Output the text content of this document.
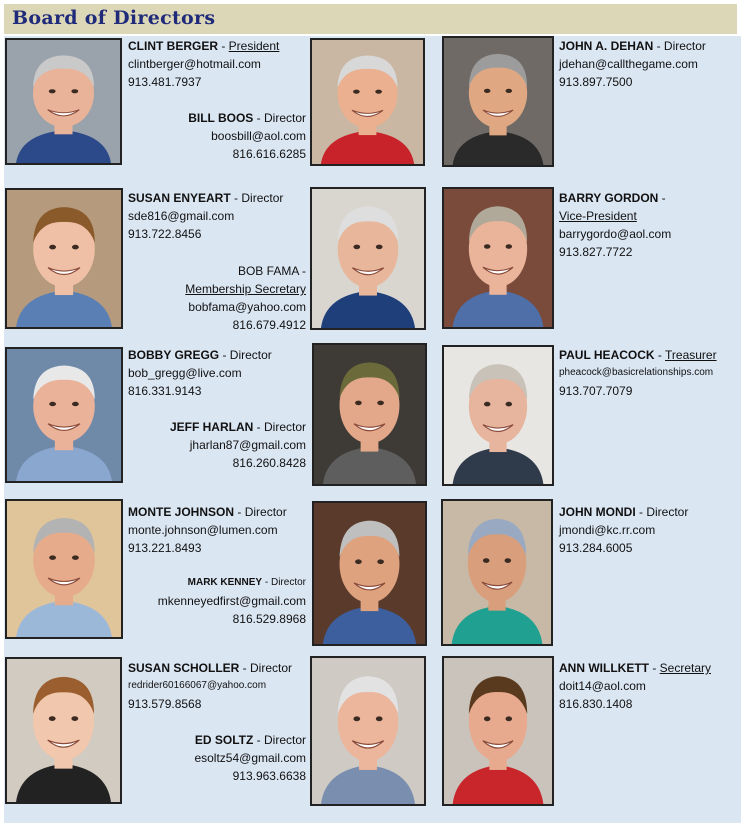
Board of Directors
CLINT BERGER - President
clintberger@hotmail.com
913.481.7937
BILL BOOS - Director
boosbill@aol.com
816.616.6285
JOHN A. DEHAN - Director
jdehan@callthegame.com
913.897.7500
SUSAN ENYEART - Director
sde816@gmail.com
913.722.8456
BOB FAMA -
Membership Secretary
bobfama@yahoo.com
816.679.4912
BARRY GORDON -
Vice-President
barrygordo@aol.com
913.827.7722
BOBBY GREGG - Director
bob_gregg@live.com
816.331.9143
JEFF HARLAN - Director
jharlan87@gmail.com
816.260.8428
PAUL HEACOCK - Treasurer
pheacock@basicrelationships.com
913.707.7079
MONTE JOHNSON - Director
monte.johnson@lumen.com
913.221.8493
MARK KENNEY - Director
mkenneyedfirst@gmail.com
816.529.8968
JOHN MONDI - Director
jmondi@kc.rr.com
913.284.6005
SUSAN SCHOLLER - Director
redrider60166067@yahoo.com
913.579.8568
ED SOLTZ - Director
esoltz54@gmail.com
913.963.6638
ANN WILLKETT - Secretary
doit14@aol.com
816.830.1408
